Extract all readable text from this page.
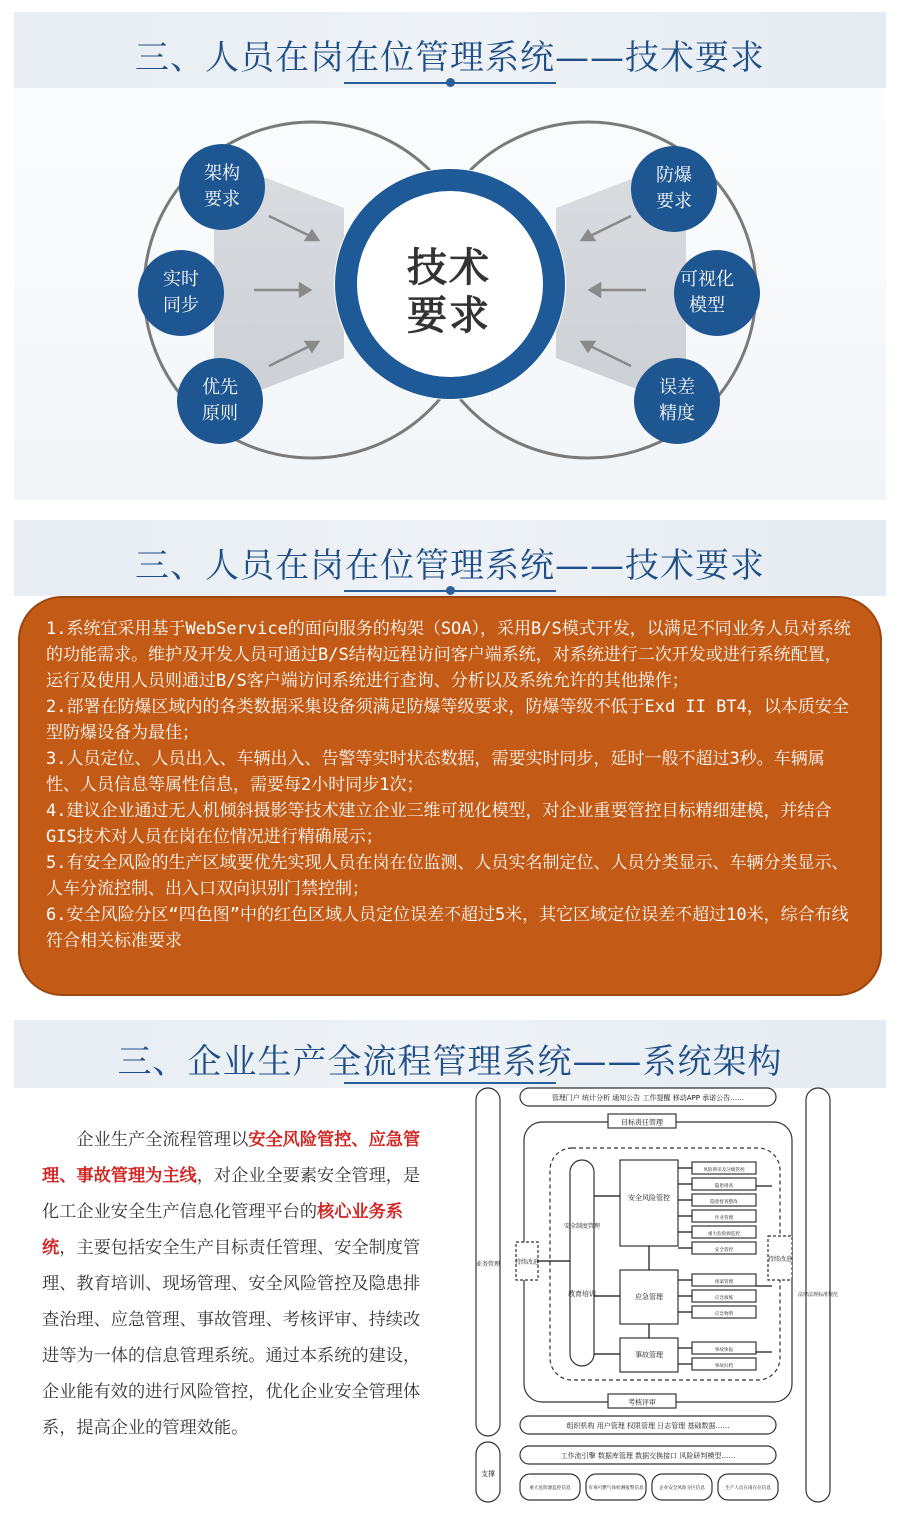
三、人员在岗在位管理系统——技术要求
技术
要求
架构
要求
实时
同步
优先
原则
防爆
要求
可视化
模型
误差
精度
三、人员在岗在位管理系统——技术要求

1.系统宜采用基于WebService的面向服务的构架（SOA），采用B/S模式开发，以满足不同业务人员对系统的功能需求。维护及开发人员可通过B/S结构远程访问客户端系统，对系统进行二次开发或进行系统配置，运行及使用人员则通过B/S客户端访问系统进行查询、分析以及系统允许的其他操作；

2.部署在防爆区域内的各类数据采集设备须满足防爆等级要求，防爆等级不低于Exd II BT4，以本质安全型防爆设备为最佳；

3.人员定位、人员出入、车辆出入、告警等实时状态数据，需要实时同步，延时一般不超过3秒。车辆属性、人员信息等属性信息，需要每2小时同步1次；

4.建议企业通过无人机倾斜摄影等技术建立企业三维可视化模型，对企业重要管控目标精细建模，并结合GIS技术对人员在岗在位情况进行精确展示；

5.有安全风险的生产区域要优先实现人员在岗在位监测、人员实名制定位、人员分类显示、车辆分类显示、人车分流控制、出入口双向识别门禁控制；

6.安全风险分区“四色图”中的红色区域人员定位误差不超过5米，其它区域定位误差不超过10米，综合布线符合相关标准要求

三、企业生产全流程管理系统——系统架构
企业生产全流程管理以安全风险管控、应急管理、事故管理为主线，对企业全要素安全管理，是化工企业安全生产信息化管理平台的核心业务系统，主要包括安全生产目标责任管理、安全制度管理、教育培训、现场管理、安全风险管控及隐患排查治理、应急管理、事故管理、考核评审、持续改进等为一体的信息管理系统。通过本系统的建设，企业能有效的进行风险管控，优化企业安全管理体系，提高企业的管理效能。
管理门户 统计分析 通知公告 工作提醒 移动APP 承诺公告……
目标责任管理
考核评审
组织机构 用户管理 权限管理 日志管理 基础数据……
工作流引擎 数据库管理 数据交换接口 风险研判模型……
安全风险管控
应急管理
事故管理
安全制度管理
教育培训
持续改进	持续改进
业务管理
支撑
法律法规标准规范
风险辨识及分级管控
隐患排查
隐患督查整改
作业管理
重大危险源监控
安全管控
预案管理
应急演练
应急物资
事故快报
事故归档
重大危险源监控信息	有毒可燃气体检测报警信息	企业安全风险分区信息	生产人员在岗在位信息
